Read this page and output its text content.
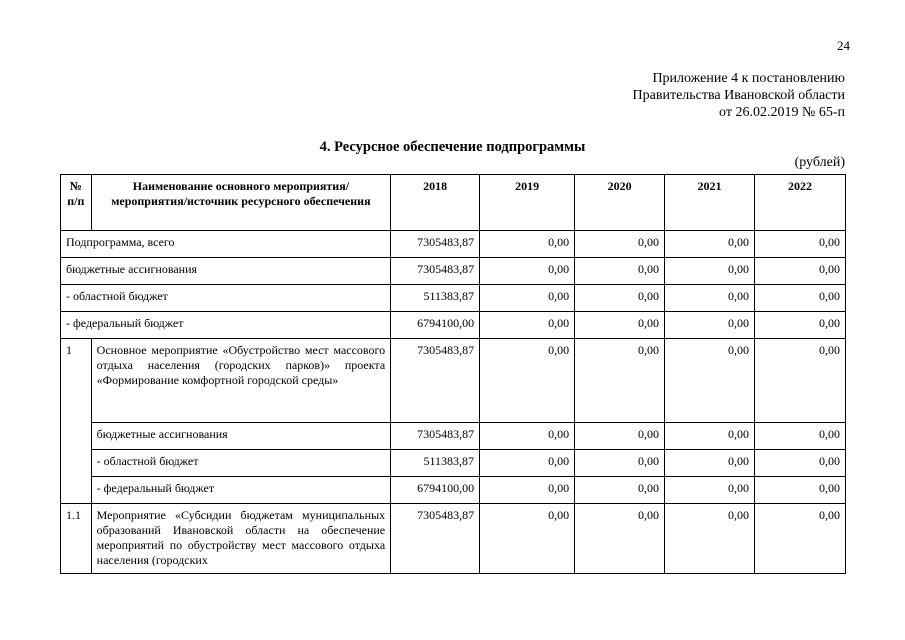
24
Приложение 4 к постановлению
Правительства Ивановской области
от 26.02.2019 № 65-п
4. Ресурсное обеспечение подпрограммы
(рублей)
№ п/п	Наименование основного мероприятия/мероприятия/источник ресурсного обеспечения	2018	2019	2020	2021	2022
Подпрограмма, всего		7305483,87	0,00	0,00	0,00	0,00
бюджетные ассигнования		7305483,87	0,00	0,00	0,00	0,00
- областной бюджет		511383,87	0,00	0,00	0,00	0,00
- федеральный бюджет		6794100,00	0,00	0,00	0,00	0,00
1	Основное мероприятие «Обустройство мест массового отдыха населения (городских парков)» проекта «Формирование комфортной городской среды»	7305483,87	0,00	0,00	0,00	0,00
	бюджетные ассигнования	7305483,87	0,00	0,00	0,00	0,00
	- областной бюджет	511383,87	0,00	0,00	0,00	0,00
	- федеральный бюджет	6794100,00	0,00	0,00	0,00	0,00
1.1	Мероприятие «Субсидии бюджетам муниципальных образований Ивановской области на обеспечение мероприятий по обустройству мест массового отдыха населения (городских	7305483,87	0,00	0,00	0,00	0,00
